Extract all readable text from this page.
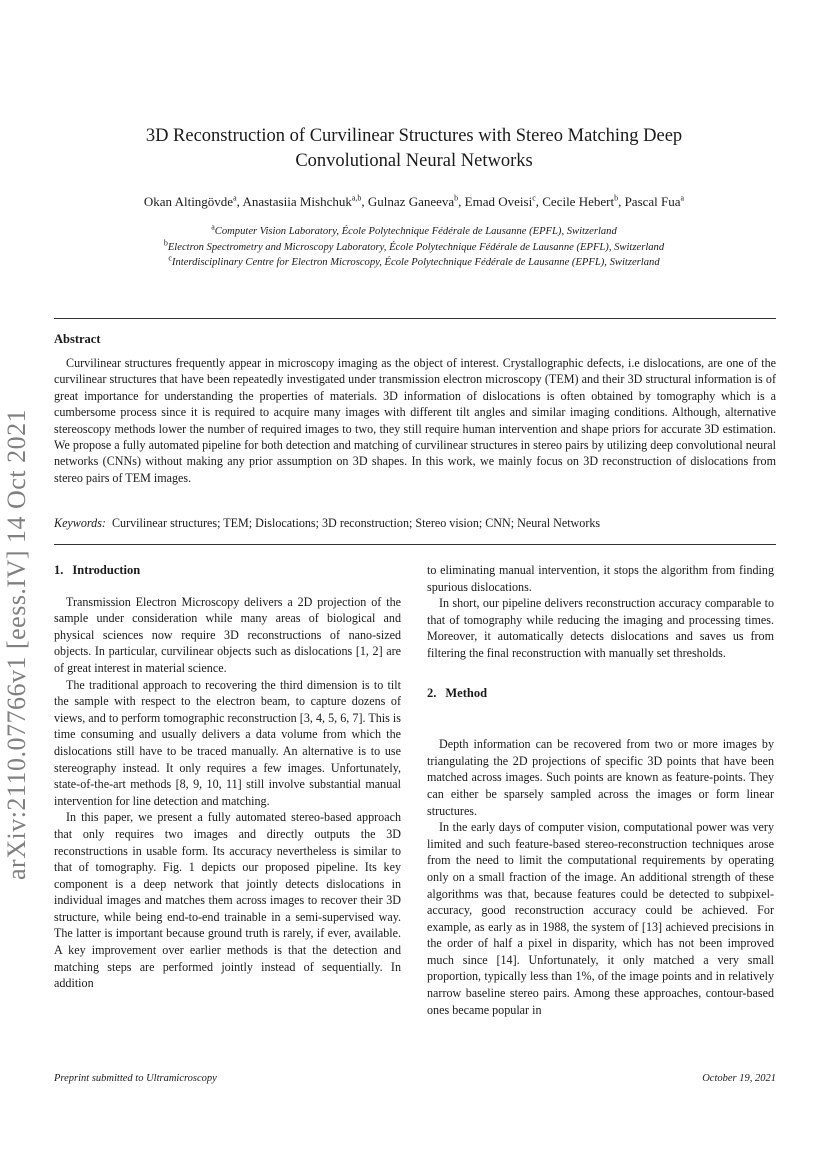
arXiv:2110.07766v1 [eess.IV] 14 Oct 2021
3D Reconstruction of Curvilinear Structures with Stereo Matching Deep
Convolutional Neural Networks
Okan Altingövde$^a$, Anastasiia Mishchuk$^{a,b}$, Gulnaz Ganeeva$^b$, Emad Oveisi$^c$, Cecile Hebert$^b$, Pascal Fua$^a$
$^a$Computer Vision Laboratory, École Polytechnique Fédérale de Lausanne (EPFL), Switzerland
$^b$Electron Spectrometry and Microscopy Laboratory, École Polytechnique Fédérale de Lausanne (EPFL), Switzerland
$^c$Interdisciplinary Centre for Electron Microscopy, École Polytechnique Fédérale de Lausanne (EPFL), Switzerland
Abstract
Curvilinear structures frequently appear in microscopy imaging as the object of interest. Crystallographic defects, i.e dislocations, are one of the curvilinear structures that have been repeatedly investigated under transmission electron microscopy (TEM) and their 3D structural information is of great importance for understanding the properties of materials. 3D information of dislocations is often obtained by tomography which is a cumbersome process since it is required to acquire many images with different tilt angles and similar imaging conditions. Although, alternative stereoscopy methods lower the number of required images to two, they still require human intervention and shape priors for accurate 3D estimation. We propose a fully automated pipeline for both detection and matching of curvilinear structures in stereo pairs by utilizing deep convolutional neural networks (CNNs) without making any prior assumption on 3D shapes. In this work, we mainly focus on 3D reconstruction of dislocations from stereo pairs of TEM images.
Keywords: Curvilinear structures; TEM; Dislocations; 3D reconstruction; Stereo vision; CNN; Neural Networks
1. Introduction

Transmission Electron Microscopy delivers a 2D projection of the sample under consideration while many areas of biological and physical sciences now require 3D reconstructions of nano-sized objects. In particular, curvilinear objects such as dislocations [1, 2] are of great interest in material science.

The traditional approach to recovering the third dimension is to tilt the sample with respect to the electron beam, to capture dozens of views, and to perform tomographic reconstruction [3, 4, 5, 6, 7]. This is time consuming and usually delivers a data volume from which the dislocations still have to be traced manually. An alternative is to use stereography instead. It only requires a few images. Unfortunately, state-of-the-art methods [8, 9, 10, 11] still involve substantial manual intervention for line detection and matching.

In this paper, we present a fully automated stereo-based approach that only requires two images and directly outputs the 3D reconstructions in usable form. Its accuracy nevertheless is similar to that of tomography. Fig. 1 depicts our proposed pipeline. Its key component is a deep network that jointly detects dislocations in individual images and matches them across images to recover their 3D structure, while being end-to-end trainable in a semi-supervised way. The latter is important because ground truth is rarely, if ever, available. A key improvement over earlier methods is that the detection and matching steps are performed jointly instead of sequentially. In addition

to eliminating manual intervention, it stops the algorithm from finding spurious dislocations.

In short, our pipeline delivers reconstruction accuracy comparable to that of tomography while reducing the imaging and processing times. Moreover, it automatically detects dislocations and saves us from filtering the final reconstruction with manually set thresholds.

2. Method

Depth information can be recovered from two or more images by triangulating the 2D projections of specific 3D points that have been matched across images. Such points are known as feature-points. They can either be sparsely sampled across the images or form linear structures.

In the early days of computer vision, computational power was very limited and such feature-based stereo-reconstruction techniques arose from the need to limit the computational requirements by operating only on a small fraction of the image. An additional strength of these algorithms was that, because features could be detected to subpixel-accuracy, good reconstruction accuracy could be achieved. For example, as early as in 1988, the system of [13] achieved precisions in the order of half a pixel in disparity, which has not been improved much since [14]. Unfortunately, it only matched a very small proportion, typically less than 1%, of the image points and in relatively narrow baseline stereo pairs. Among these approaches, contour-based ones became popular in

Preprint submitted to Ultramicroscopy	October 19, 2021
